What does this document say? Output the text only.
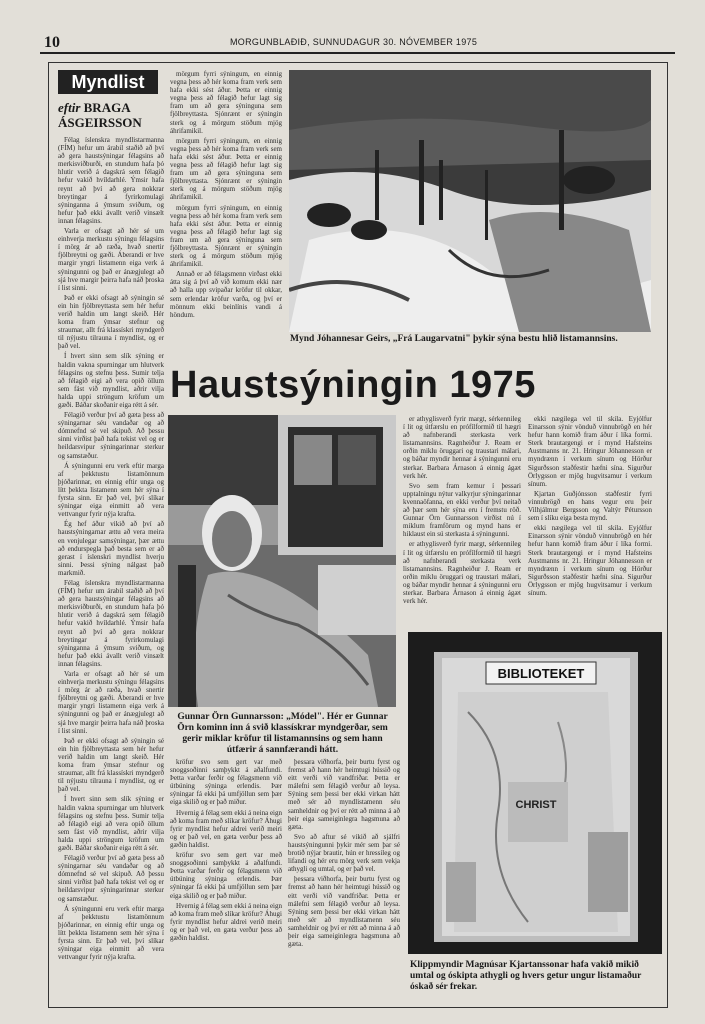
10	MORGUNBLAÐIÐ, SUNNUDAGUR 30. NÓVEMBER 1975
Myndlist
eftir BRAGA ÁSGEIRSSON

Félag íslenskra myndlistarmanna (FÍM) hefur um árabil staðið að því að gera haustsýningar félagsins að merkisviðburði, en stundum hafa þó hlutir verið á dagskrá sem félagið hefur vakið hvíldarhlé. Ýmsir hafa reynt að því að gera nokkrar breytingar á fyrirkomulagi sýninganna á ýmsum sviðum, og hefur það ekki ávallt verið vinsælt innan félagsins.

Varla er ofsagt að hér sé um einhverja merkustu sýningu félagsins í mörg ár að ræða, hvað snertir fjölbreytni og gæði. Áberandi er hve margir yngri listamenn eiga verk á sýningunni og það er ánægjulegt að sjá hve margir þeirra hafa náð þroska í list sinni.

Það er ekki ofsagt að sýningin sé ein hin fjölbreyttasta sem hér hefur verið haldin um langt skeið. Hér koma fram ýmsar stefnur og straumar, allt frá klassískri myndgerð til nýjustu tilrauna í myndlist, og er það vel.

Í hvert sinn sem slík sýning er haldin vakna spurningar um hlutverk félagsins og stefnu þess. Sumir telja að félagið eigi að vera opið öllum sem fást við myndlist, aðrir vilja halda uppi ströngum kröfum um gæði. Báðar skoðanir eiga rétt á sér.

Félagið verður því að gæta þess að sýningarnar séu vandaðar og að dómnefnd sé vel skipuð. Að þessu sinni virðist það hafa tekist vel og er heildarsvipur sýningarinnar sterkur og samstæður.

Á sýningunni eru verk eftir marga af þekktustu listamönnum þjóðarinnar, en einnig eftir unga og lítt þekkta listamenn sem hér sýna í fyrsta sinn. Er það vel, því slíkar sýningar eiga einmitt að vera vettvangur fyrir nýja krafta.

Ég hef áður vikið að því að haustsýningarnar ættu að vera meira en venjulegar samsýningar, þær ættu að endurspegla það besta sem er að gerast í íslenskri myndlist hverju sinni. Þessi sýning nálgast það markmið.

Félag íslenskra myndlistarmanna (FÍM) hefur um árabil staðið að því að gera haustsýningar félagsins að merkisviðburði, en stundum hafa þó hlutir verið á dagskrá sem félagið hefur vakið hvíldarhlé. Ýmsir hafa reynt að því að gera nokkrar breytingar á fyrirkomulagi sýninganna á ýmsum sviðum, og hefur það ekki ávallt verið vinsælt innan félagsins.

Varla er ofsagt að hér sé um einhverja merkustu sýningu félagsins í mörg ár að ræða, hvað snertir fjölbreytni og gæði. Áberandi er hve margir yngri listamenn eiga verk á sýningunni og það er ánægjulegt að sjá hve margir þeirra hafa náð þroska í list sinni.

Það er ekki ofsagt að sýningin sé ein hin fjölbreyttasta sem hér hefur verið haldin um langt skeið. Hér koma fram ýmsar stefnur og straumar, allt frá klassískri myndgerð til nýjustu tilrauna í myndlist, og er það vel.

Í hvert sinn sem slík sýning er haldin vakna spurningar um hlutverk félagsins og stefnu þess. Sumir telja að félagið eigi að vera opið öllum sem fást við myndlist, aðrir vilja halda uppi ströngum kröfum um gæði. Báðar skoðanir eiga rétt á sér.

Félagið verður því að gæta þess að sýningarnar séu vandaðar og að dómnefnd sé vel skipuð. Að þessu sinni virðist það hafa tekist vel og er heildarsvipur sýningarinnar sterkur og samstæður.

Á sýningunni eru verk eftir marga af þekktustu listamönnum þjóðarinnar, en einnig eftir unga og lítt þekkta listamenn sem hér sýna í fyrsta sinn. Er það vel, því slíkar sýningar eiga einmitt að vera vettvangur fyrir nýja krafta.

mörgum fyrri sýningum, en einnig vegna þess að hér koma fram verk sem hafa ekki sést áður. Þetta er einnig vegna þess að félagið hefur lagt sig fram um að gera sýninguna sem fjölbreyttasta. Sjónrænt er sýningin sterk og á mörgum stöðum mjög áhrifamikil.

mörgum fyrri sýningum, en einnig vegna þess að hér koma fram verk sem hafa ekki sést áður. Þetta er einnig vegna þess að félagið hefur lagt sig fram um að gera sýninguna sem fjölbreyttasta. Sjónrænt er sýningin sterk og á mörgum stöðum mjög áhrifamikil.

mörgum fyrri sýningum, en einnig vegna þess að hér koma fram verk sem hafa ekki sést áður. Þetta er einnig vegna þess að félagið hefur lagt sig fram um að gera sýninguna sem fjölbreyttasta. Sjónrænt er sýningin sterk og á mörgum stöðum mjög áhrifamikil.

Annað er að félagsmenn virðast ekki átta sig á því að við komum ekki nær að halla upp svipaðar kröfur til okkar, sem erlendar kröfur varða, og því er mönnum ekki beinlínis vandi á höndum.

Mynd Jóhannesar Geirs, „Frá Laugarvatni" þykir sýna bestu hlið listamannsins.
Haustsýningin 1975
Gunnar Örn Gunnarsson: „Módel". Hér er Gunnar Örn kominn inn á svið klassískrar myndgerðar, sem gerir miklar kröfur til listamannsins og sem hann útfærir á sannfærandi hátt.

er athyglisverð fyrir margt, sérkennileg í lit og útfærslu en prófílformið til hægri að nafnberandi sterkasta verk listamannsins. Ragnheiður J. Ream er orðin miklu öruggari og traustari málari, og báðar myndir hennar á sýningunni eru sterkar. Barbara Árnason á einnig ágæt verk hér.

Svo sem fram kemur í þessari upptalningu nýtur valkyrjur sýningarinnar kvennaöfanna, en ekki verður því neitað að þær sem hér sýna eru í fremstu röð. Gunnar Örn Gunnarsson virðist nú í miklum framförum og mynd hans er hiklaust ein sú sterkasta á sýningunni.

er athyglisverð fyrir margt, sérkennileg í lit og útfærslu en prófílformið til hægri að nafnberandi sterkasta verk listamannsins. Ragnheiður J. Ream er orðin miklu öruggari og traustari málari, og báðar myndir hennar á sýningunni eru sterkar. Barbara Árnason á einnig ágæt verk hér.

ekki nægilega vel til skila. Eyjólfur Einarsson sýnir vönduð vinnubrögð en hér hefur hann komið fram áður í líka formi. Sterk brautargengi er í mynd Hafsteins Austmanns nr. 21. Hringur Jóhannesson er myndrænn í verkum sínum og Hörður Sigurðsson staðfestir hæfni sína. Sigurður Örlygsson er mjög hugvitsamur í verkum sínum.

Kjartan Guðjónsson staðfestir fyrri vinnubrögð en hans vegur eru þeir Vilhjálmur Bergsson og Valtýr Pétursson sem í slíku eiga besta mynd.

ekki nægilega vel til skila. Eyjólfur Einarsson sýnir vönduð vinnubrögð en hér hefur hann komið fram áður í líka formi. Sterk brautargengi er í mynd Hafsteins Austmanns nr. 21. Hringur Jóhannesson er myndrænn í verkum sínum og Hörður Sigurðsson staðfestir hæfni sína. Sigurður Örlygsson er mjög hugvitsamur í verkum sínum.

kröfur svo sem gert var með snoggsoðinni samþykkt á aðalfundi. Þetta varðar ferðir og félagsmenn við útbúning sýninga erlendis. Þær sýningar fá ekki þá umfjöllun sem þær eiga skilið og er það miður.

Hvernig á félag sem ekki á neina eign að koma fram með slíkar kröfur? Áhugi fyrir myndlist hefur aldrei verið meiri og er það vel, en gæta verður þess að gæðin haldist.

kröfur svo sem gert var með snoggsoðinni samþykkt á aðalfundi. Þetta varðar ferðir og félagsmenn við útbúning sýninga erlendis. Þær sýningar fá ekki þá umfjöllun sem þær eiga skilið og er það miður.

Hvernig á félag sem ekki á neina eign að koma fram með slíkar kröfur? Áhugi fyrir myndlist hefur aldrei verið meiri og er það vel, en gæta verður þess að gæðin haldist.

þessara viðhorfa, þeir burtu fyrst og fremst að hann hér heimtugi hússið og eitt verði við vandfriðar. Þetta er málefni sem félagið verður að leysa. Sýning sem þessi ber ekki virkan hátt með sér að myndlistamenn séu samheldnir og því er rétt að minna á að þeir eiga sameiginlegra hagsmuna að gæta.

Svo að aftur sé vikið að sjálfri haustsýningunni þykir mér sem þar sé brotið nýjar brautir, hún er hressileg og lifandi og hér eru mörg verk sem vekja athygli og umtal, og er það vel.

þessara viðhorfa, þeir burtu fyrst og fremst að hann hér heimtugi hússið og eitt verði við vandfriðar. Þetta er málefni sem félagið verður að leysa. Sýning sem þessi ber ekki virkan hátt með sér að myndlistamenn séu samheldnir og því er rétt að minna á að þeir eiga sameiginlegra hagsmuna að gæta.

BIBLIOTEKET
CHRIST
Klippmyndir Magnúsar Kjartanssonar hafa vakið mikið umtal og óskipta athygli og hvers getur ungur listamaður óskað sér frekar.
